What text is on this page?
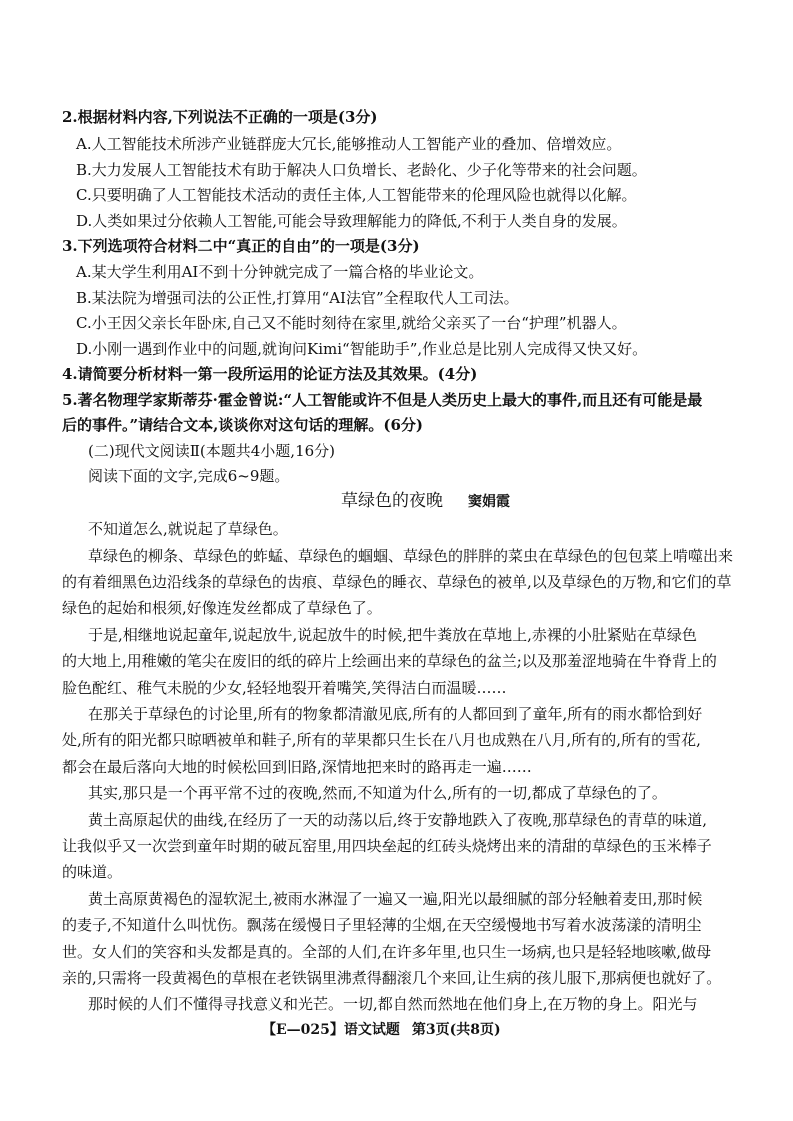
2.根据材料内容,下列说法不正确的一项是(3分)
A.人工智能技术所涉产业链群庞大冗长,能够推动人工智能产业的叠加、倍增效应。
B.大力发展人工智能技术有助于解决人口负增长、老龄化、少子化等带来的社会问题。
C.只要明确了人工智能技术活动的责任主体,人工智能带来的伦理风险也就得以化解。
D.人类如果过分依赖人工智能,可能会导致理解能力的降低,不利于人类自身的发展。
3.下列选项符合材料二中“真正的自由”的一项是(3分)
A.某大学生利用AI不到十分钟就完成了一篇合格的毕业论文。
B.某法院为增强司法的公正性,打算用“AI法官”全程取代人工司法。
C.小王因父亲长年卧床,自己又不能时刻待在家里,就给父亲买了一台“护理”机器人。
D.小刚一遇到作业中的问题,就询问Kimi“智能助手”,作业总是比别人完成得又快又好。
4.请简要分析材料一第一段所运用的论证方法及其效果。(4分)
5.著名物理学家斯蒂芬·霍金曾说:“人工智能或许不但是人类历史上最大的事件,而且还有可能是最
后的事件。”请结合文本,谈谈你对这句话的理解。(6分)
(二)现代文阅读Ⅱ(本题共4小题,16分)
阅读下面的文字,完成6~9题。
草绿色的夜晚 窦娟霞
不知道怎么,就说起了草绿色。
草绿色的柳条、草绿色的蚱蜢、草绿色的蝈蝈、草绿色的胖胖的菜虫在草绿色的包包菜上啃噬出来
的有着细黑色边沿线条的草绿色的齿痕、草绿色的睡衣、草绿色的被单,以及草绿色的万物,和它们的草
绿色的起始和根须,好像连发丝都成了草绿色了。
于是,相继地说起童年,说起放牛,说起放牛的时候,把牛粪放在草地上,赤裸的小肚紧贴在草绿色
的大地上,用稚嫩的笔尖在废旧的纸的碎片上绘画出来的草绿色的盆兰;以及那羞涩地骑在牛脊背上的
脸色酡红、稚气未脱的少女,轻轻地裂开着嘴笑,笑得洁白而温暖……
在那关于草绿色的讨论里,所有的物象都清澈见底,所有的人都回到了童年,所有的雨水都恰到好
处,所有的阳光都只晾晒被单和鞋子,所有的苹果都只生长在八月也成熟在八月,所有的,所有的雪花,
都会在最后落向大地的时候松回到旧路,深情地把来时的路再走一遍……
其实,那只是一个再平常不过的夜晚,然而,不知道为什么,所有的一切,都成了草绿色的了。
黄土高原起伏的曲线,在经历了一天的动荡以后,终于安静地跌入了夜晚,那草绿色的青草的味道,
让我似乎又一次尝到童年时期的破瓦窑里,用四块垒起的红砖头烧烤出来的清甜的草绿色的玉米棒子
的味道。
黄土高原黄褐色的湿软泥土,被雨水淋湿了一遍又一遍,阳光以最细腻的部分轻触着麦田,那时候
的麦子,不知道什么叫忧伤。飘荡在缓慢日子里轻薄的尘烟,在天空缓慢地书写着水波荡漾的清明尘
世。女人们的笑容和头发都是真的。全部的人们,在许多年里,也只生一场病,也只是轻轻地咳嗽,做母
亲的,只需将一段黄褐色的草根在老铁锅里沸煮得翻滚几个来回,让生病的孩儿服下,那病便也就好了。
那时候的人们不懂得寻找意义和光芒。一切,都自然而然地在他们身上,在万物的身上。阳光与
【E—025】语文试题 第3页(共8页)
